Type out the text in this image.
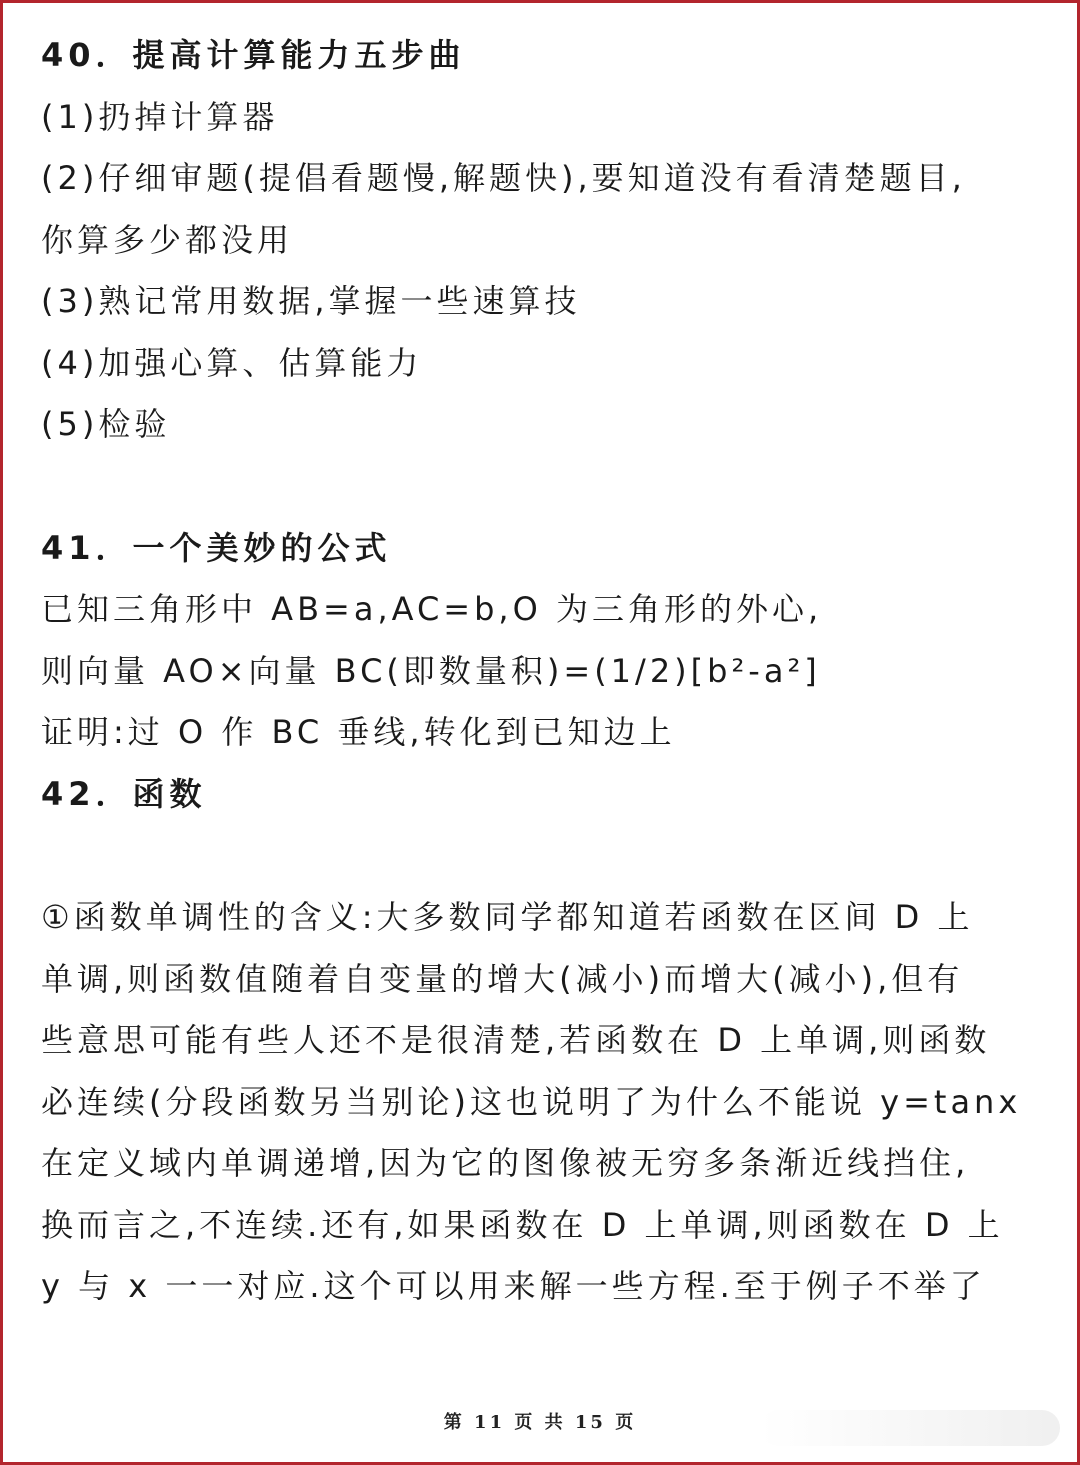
40．提高计算能力五步曲
(1)扔掉计算器
(2)仔细审题(提倡看题慢,解题快),要知道没有看清楚题目,
你算多少都没用
(3)熟记常用数据,掌握一些速算技
(4)加强心算、估算能力
(5)检验
41．一个美妙的公式
已知三角形中 AB=a,AC=b,O 为三角形的外心,
则向量 AO×向量 BC(即数量积)=(1/2)[b²-a²]
证明:过 O 作 BC 垂线,转化到已知边上
42．函数
①函数单调性的含义:大多数同学都知道若函数在区间 D 上
单调,则函数值随着自变量的增大(减小)而增大(减小),但有
些意思可能有些人还不是很清楚,若函数在 D 上单调,则函数
必连续(分段函数另当别论)这也说明了为什么不能说 y=tanx
在定义域内单调递增,因为它的图像被无穷多条渐近线挡住,
换而言之,不连续.还有,如果函数在 D 上单调,则函数在 D 上
y 与 x 一一对应.这个可以用来解一些方程.至于例子不举了
第 11 页 共 15 页
